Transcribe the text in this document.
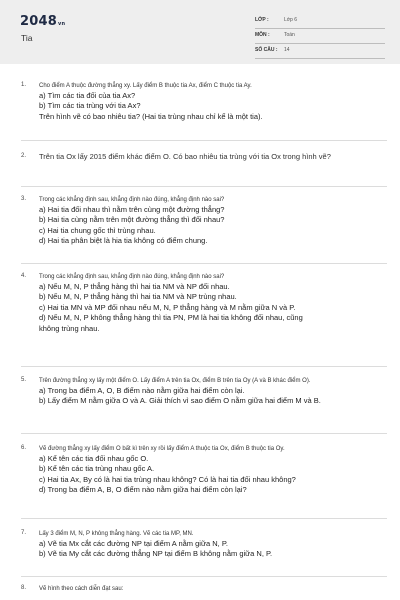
2048vn
Tia
LỚP :	Lớp 6
MÔN :	Toán
SỐ CÂU : 14
1. Cho điểm A thuộc đường thẳng xy. Lấy điểm B thuộc tia Ax, điểm C thuộc tia Ay.
a) Tìm các tia đối của tia Ax?
b) Tìm các tia trùng với tia Ax?
Trên hình vẽ có bao nhiêu tia? (Hai tia trùng nhau chỉ kể là một tia).
2. Trên tia Ox lấy 2015 điểm khác điểm O. Có bao nhiêu tia trùng với tia Ox trong hình vẽ?
3. Trong các khẳng định sau, khẳng định nào đúng, khẳng định nào sai?
a) Hai tia đối nhau thì nằm trên cùng một đường thẳng?
b) Hai tia cùng nằm trên một đường thẳng thì đối nhau?
c) Hai tia chung gốc thì trùng nhau.
d) Hai tia phân biệt là hia tia không có điểm chung.
4. Trong các khẳng định sau, khẳng định nào đúng, khẳng định nào sai?
a) Nếu M, N, P thẳng hàng thì hai tia NM và NP đối nhau.
b) Nếu M, N, P thẳng hàng thì hai tia NM và NP trùng nhau.
c) Hai tia MN và MP đối nhau nếu M, N, P thẳng hàng và M nằm giữa N và P.
d) Nếu M, N, P không thẳng hàng thì tia PN, PM là hai tia không đối nhau, cũng
không trùng nhau.
5. Trên đường thẳng xy lấy một điểm O. Lấy điểm A trên tia Ox, điểm B trên tia Oy (A và B khác điểm O).
a) Trong ba điểm A, O, B điểm nào nằm giữa hai điểm còn lại.
b) Lấy điểm M nằm giữa O và A. Giải thích vì sao điểm O nằm giữa hai điểm M và B.
6. Vẽ đường thẳng xy lấy điểm O bất kì trên xy rồi lấy điểm A thuộc tia Ox, điểm B thuộc tia Oy.
a) Kể tên các tia đối nhau gốc O.
b) Kể tên các tia trùng nhau gốc A.
c) Hai tia Ax, By có là hai tia trùng nhau không? Có là hai tia đối nhau không?
d) Trong ba điểm A, B, O điểm nào nằm giữa hai điểm còn lại?
7. Lấy 3 điểm M, N, P không thẳng hàng. Vẽ các tia MP, MN.
a) Vẽ tia Mx cắt các đường NP tại điểm A nằm giữa N, P.
b) Vẽ tia My cắt các đường thẳng NP tại điểm B không nằm giữa N, P.
8. Vẽ hình theo cách diễn đạt sau:
